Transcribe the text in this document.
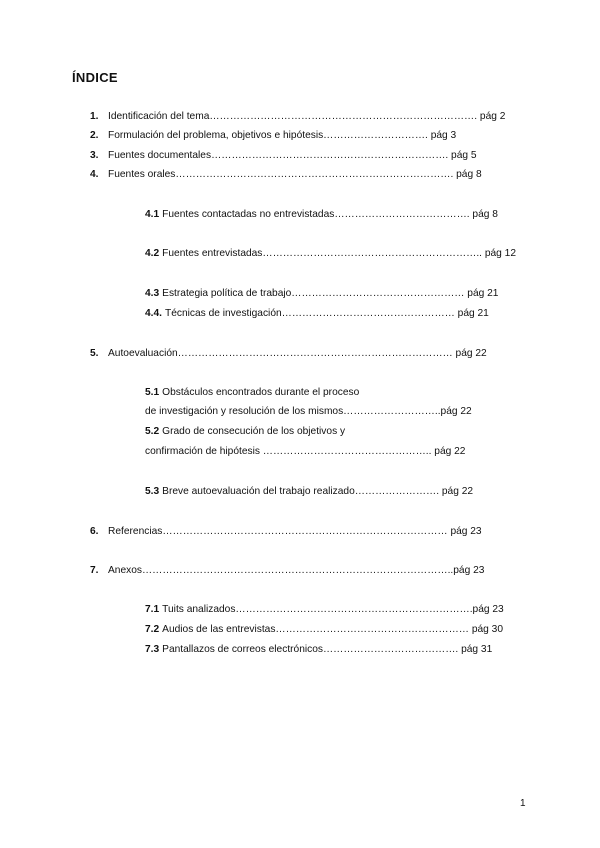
ÍNDICE
1. Identificación del tema……………………………………………………………………. pág 2
2. Formulación del problema, objetivos e hipótesis…………………………. pág 3
3. Fuentes documentales……………………………………………………………. pág 5
4. Fuentes orales………………………………………………………………………. pág 8
4.1 Fuentes contactadas no entrevistadas…………………………………. pág 8
4.2 Fuentes entrevistadas……………………………………………………….. pág 12
4.3 Estrategia política de trabajo…………………………………………… pág 21
4.4. Técnicas de investigación…………………………………………… pág 21
5. Autoevaluación……………………………………………………………………… pág 22
5.1 Obstáculos encontrados durante el proceso
de investigación y resolución de los mismos………………………..pág 22
5.2 Grado de consecución de los objetivos y
confirmación de hipótesis ………………………………………….. pág 22
5.3 Breve autoevaluación del trabajo realizado……………………. pág 22
6. Referencias………………………………………………………………………… pág 23
7. Anexos………………………………………………………………………………..pág 23
7.1 Tuits analizados…………………………………………………………….pág 23
7.2 Audios de las entrevistas………………………………………………… pág 30
7.3 Pantallazos de correos electrónicos…………………………………. pág 31
1
